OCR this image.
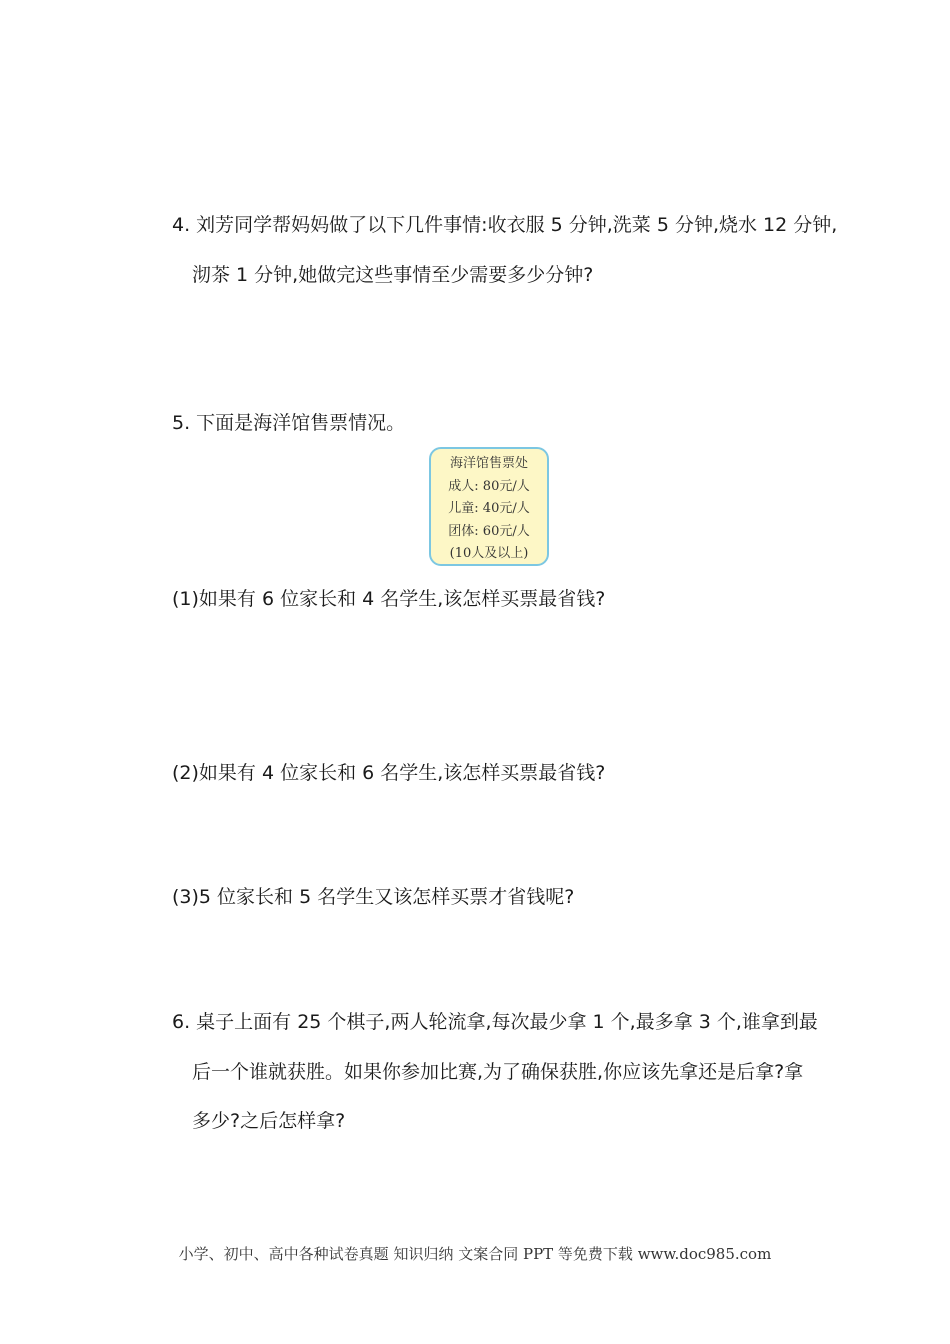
4. 刘芳同学帮妈妈做了以下几件事情:收衣服 5 分钟,洗菜 5 分钟,烧水 12 分钟,
沏茶 1 分钟,她做完这些事情至少需要多少分钟?
5. 下面是海洋馆售票情况。
海洋馆售票处
成人: 80元/人
儿童: 40元/人
团体: 60元/人
(10人及以上)
(1)如果有 6 位家长和 4 名学生,该怎样买票最省钱?
(2)如果有 4 位家长和 6 名学生,该怎样买票最省钱?
(3)5 位家长和 5 名学生又该怎样买票才省钱呢?
6. 桌子上面有 25 个棋子,两人轮流拿,每次最少拿 1 个,最多拿 3 个,谁拿到最
后一个谁就获胜。如果你参加比赛,为了确保获胜,你应该先拿还是后拿?拿
多少?之后怎样拿?
小学、初中、高中各种试卷真题 知识归纳 文案合同 PPT 等免费下载 www.doc985.com
